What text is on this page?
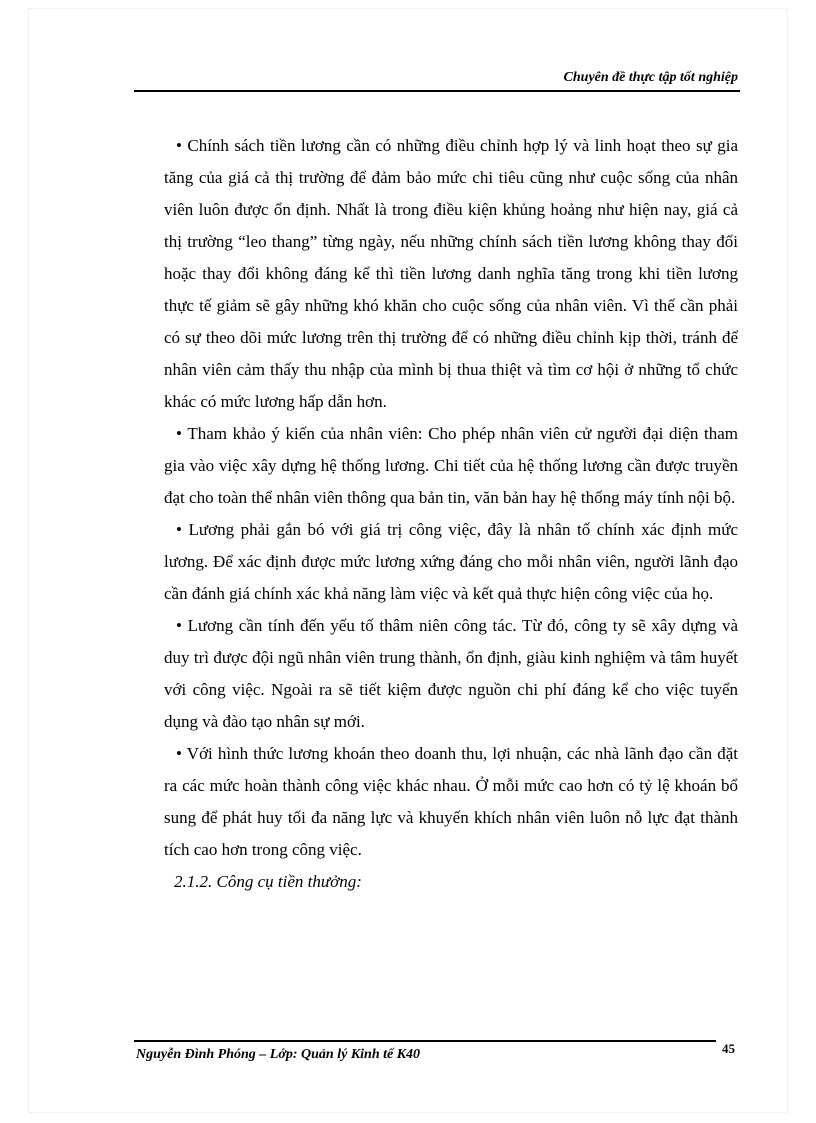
Chuyên đề thực tập tốt nghiệp
• Chính sách tiền lương cần có những điều chỉnh hợp lý và linh hoạt theo sự gia tăng của giá cả thị trường để đảm bảo mức chi tiêu cũng như cuộc sống của nhân viên luôn được ổn định. Nhất là trong điều kiện khủng hoảng như hiện nay, giá cả thị trường “leo thang” từng ngày, nếu những chính sách tiền lương không thay đổi hoặc thay đổi không đáng kể thì tiền lương danh nghĩa tăng trong khi tiền lương thực tế giảm sẽ gây những khó khăn cho cuộc sống của nhân viên. Vì thế cần phải có sự theo dõi mức lương trên thị trường để có những điều chỉnh kịp thời, tránh để nhân viên cảm thấy thu nhập của mình bị thua thiệt và tìm cơ hội ở những tổ chức khác có mức lương hấp dẫn hơn.
• Tham khảo ý kiến của nhân viên: Cho phép nhân viên cử người đại diện tham gia vào việc xây dựng hệ thống lương. Chi tiết của hệ thống lương cần được truyền đạt cho toàn thể nhân viên thông qua bản tin, văn bản hay hệ thống máy tính nội bộ.
• Lương phải gắn bó với giá trị công việc, đây là nhân tố chính xác định mức lương. Để xác định được mức lương xứng đáng cho mỗi nhân viên, người lãnh đạo cần đánh giá chính xác khả năng làm việc và kết quả thực hiện công việc của họ.
• Lương cần tính đến yếu tố thâm niên công tác. Từ đó, công ty sẽ xây dựng và duy trì được đội ngũ nhân viên trung thành, ổn định, giàu kinh nghiệm và tâm huyết với công việc. Ngoài ra sẽ tiết kiệm được nguồn chi phí đáng kể cho việc tuyển dụng và đào tạo nhân sự mới.
• Với hình thức lương khoán theo doanh thu, lợi nhuận, các nhà lãnh đạo cần đặt ra các mức hoàn thành công việc khác nhau. Ở mỗi mức cao hơn có tỷ lệ khoán bổ sung để phát huy tối đa năng lực và khuyến khích nhân viên luôn nỗ lực đạt thành tích cao hơn trong công việc.
2.1.2. Công cụ tiền thưởng:
Nguyễn Đình Phóng – Lớp: Quản lý Kinh tế K40	45
